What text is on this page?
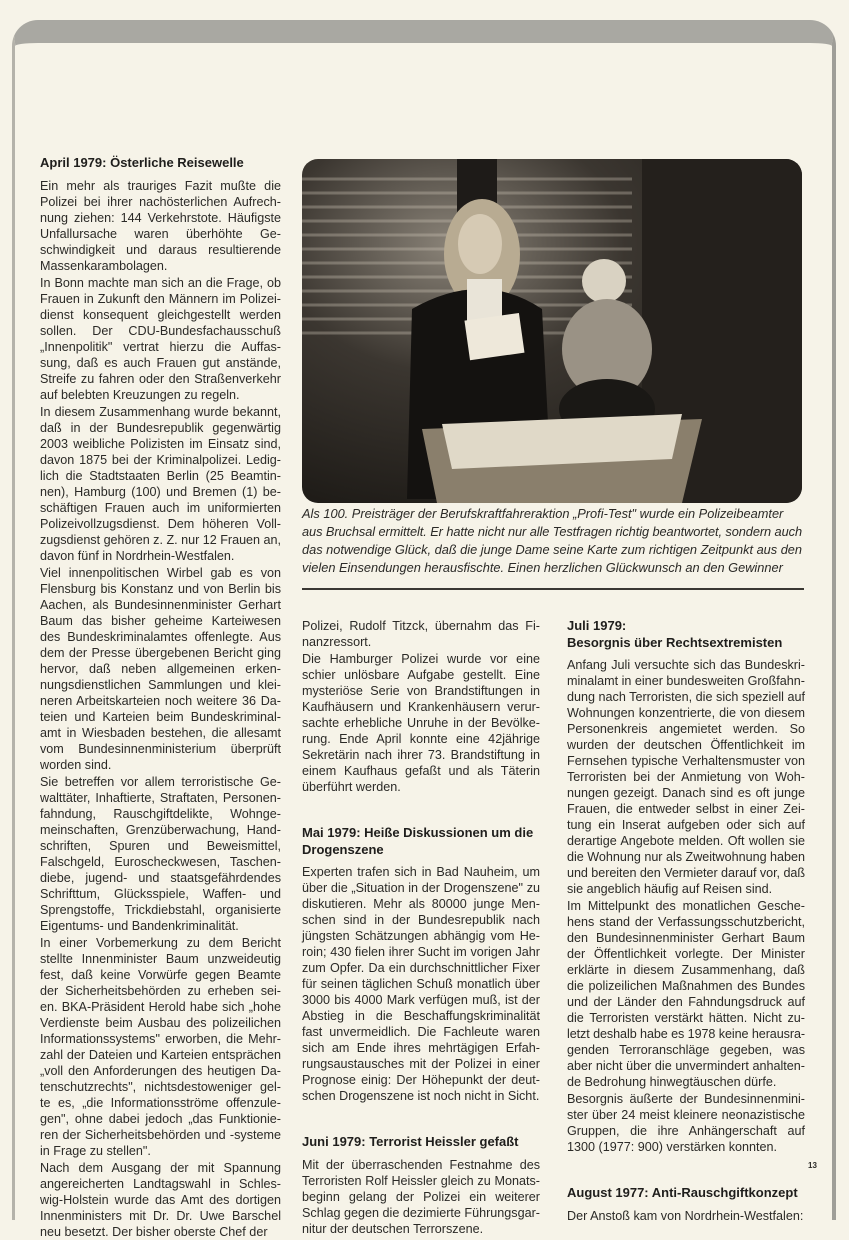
April 1979: Österliche Reisewelle
Ein mehr als trauriges Fazit mußte die
Polizei bei ihrer nachösterlichen Aufrech-
nung ziehen: 144 Verkehrstote. Häufigste
Unfallursache waren überhöhte Ge-
schwindigkeit und daraus resultierende
Massenkarambolagen.
In Bonn machte man sich an die Frage, ob
Frauen in Zukunft den Männern im Polizei-
dienst konsequent gleichgestellt werden
sollen. Der CDU-Bundesfachausschuß
„Innenpolitik" vertrat hierzu die Auffas-
sung, daß es auch Frauen gut anstände,
Streife zu fahren oder den Straßenverkehr
auf belebten Kreuzungen zu regeln.
In diesem Zusammenhang wurde bekannt,
daß in der Bundesrepublik gegenwärtig
2003 weibliche Polizisten im Einsatz sind,
davon 1875 bei der Kriminalpolizei. Ledig-
lich die Stadtstaaten Berlin (25 Beamtin-
nen), Hamburg (100) und Bremen (1) be-
schäftigen Frauen auch im uniformierten
Polizeivollzugsdienst. Dem höheren Voll-
zugsdienst gehören z. Z. nur 12 Frauen an,
davon fünf in Nordrhein-Westfalen.
Viel innenpolitischen Wirbel gab es von
Flensburg bis Konstanz und von Berlin bis
Aachen, als Bundesinnenminister Gerhart
Baum das bisher geheime Karteiwesen
des Bundeskriminalamtes offenlegte. Aus
dem der Presse übergebenen Bericht ging
hervor, daß neben allgemeinen erken-
nungsdienstlichen Sammlungen und klei-
neren Arbeitskarteien noch weitere 36 Da-
teien und Karteien beim Bundeskriminal-
amt in Wiesbaden bestehen, die allesamt
vom Bundesinnenministerium überprüft
worden sind.
Sie betreffen vor allem terroristische Ge-
walttäter, Inhaftierte, Straftaten, Personen-
fahndung, Rauschgiftdelikte, Wohnge-
meinschaften, Grenzüberwachung, Hand-
schriften, Spuren und Beweismittel,
Falschgeld, Euroscheckwesen, Taschen-
diebe, jugend- und staatsgefährdendes
Schrifttum, Glücksspiele, Waffen- und
Sprengstoffe, Trickdiebstahl, organisierte
Eigentums- und Bandenkriminalität.
In einer Vorbemerkung zu dem Bericht
stellte Innenminister Baum unzweideutig
fest, daß keine Vorwürfe gegen Beamte
der Sicherheitsbehörden zu erheben sei-
en. BKA-Präsident Herold habe sich „hohe
Verdienste beim Ausbau des polizeilichen
Informationssystems" erworben, die Mehr-
zahl der Dateien und Karteien entsprächen
„voll den Anforderungen des heutigen Da-
tenschutzrechts", nichtsdestoweniger gel-
te es, „die Informationsströme offenzule-
gen", ohne dabei jedoch „das Funktionie-
ren der Sicherheitsbehörden und -systeme
in Frage zu stellen".
Nach dem Ausgang der mit Spannung
angereicherten Landtagswahl in Schles-
wig-Holstein wurde das Amt des dortigen
Innenministers mit Dr. Dr. Uwe Barschel
neu besetzt. Der bisher oberste Chef der
Als 100. Preisträger der Berufskraftfahreraktion „Profi-Test" wurde ein Polizeibeamter
aus Bruchsal ermittelt. Er hatte nicht nur alle Testfragen richtig beantwortet, sondern auch
das notwendige Glück, daß die junge Dame seine Karte zum richtigen Zeitpunkt aus den
vielen Einsendungen herausfischte. Einen herzlichen Glückwunsch an den Gewinner
Polizei, Rudolf Titzck, übernahm das Fi-
nanzressort.
Die Hamburger Polizei wurde vor eine
schier unlösbare Aufgabe gestellt. Eine
mysteriöse Serie von Brandstiftungen in
Kaufhäusern und Krankenhäusern verur-
sachte erhebliche Unruhe in der Bevölke-
rung. Ende April konnte eine 42jährige
Sekretärin nach ihrer 73. Brandstiftung in
einem Kaufhaus gefaßt und als Täterin
überführt werden.
Mai 1979: Heiße Diskussionen um die
Drogenszene
Experten trafen sich in Bad Nauheim, um
über die „Situation in der Drogenszene" zu
diskutieren. Mehr als 80000 junge Men-
schen sind in der Bundesrepublik nach
jüngsten Schätzungen abhängig vom He-
roin; 430 fielen ihrer Sucht im vorigen Jahr
zum Opfer. Da ein durchschnittlicher Fixer
für seinen täglichen Schuß monatlich über
3000 bis 4000 Mark verfügen muß, ist der
Abstieg in die Beschaffungskriminalität
fast unvermeidlich. Die Fachleute waren
sich am Ende ihres mehrtägigen Erfah-
rungsaustausches mit der Polizei in einer
Prognose einig: Der Höhepunkt der deut-
schen Drogenszene ist noch nicht in Sicht.
Juni 1979: Terrorist Heissler gefaßt
Mit der überraschenden Festnahme des
Terroristen Rolf Heissler gleich zu Monats-
beginn gelang der Polizei ein weiterer
Schlag gegen die dezimierte Führungsgar-
nitur der deutschen Terrorszene.
Juli 1979:
Besorgnis über Rechtsextremisten
Anfang Juli versuchte sich das Bundeskri-
minalamt in einer bundesweiten Großfahn-
dung nach Terroristen, die sich speziell auf
Wohnungen konzentrierte, die von diesem
Personenkreis angemietet werden. So
wurden der deutschen Öffentlichkeit im
Fernsehen typische Verhaltensmuster von
Terroristen bei der Anmietung von Woh-
nungen gezeigt. Danach sind es oft junge
Frauen, die entweder selbst in einer Zei-
tung ein Inserat aufgeben oder sich auf
derartige Angebote melden. Oft wollen sie
die Wohnung nur als Zweitwohnung haben
und bereiten den Vermieter darauf vor, daß
sie angeblich häufig auf Reisen sind.
Im Mittelpunkt des monatlichen Gesche-
hens stand der Verfassungsschutzbericht,
den Bundesinnenminister Gerhart Baum
der Öffentlichkeit vorlegte. Der Minister
erklärte in diesem Zusammenhang, daß
die polizeilichen Maßnahmen des Bundes
und der Länder den Fahndungsdruck auf
die Terroristen verstärkt hätten. Nicht zu-
letzt deshalb habe es 1978 keine herausra-
genden Terroranschläge gegeben, was
aber nicht über die unvermindert anhalten-
de Bedrohung hinwegtäuschen dürfe.
Besorgnis äußerte der Bundesinnenmini-
ster über 24 meist kleinere neonazistische
Gruppen, die ihre Anhängerschaft auf
1300 (1977: 900) verstärken konnten.
August 1977: Anti-Rauschgiftkonzept
Der Anstoß kam von Nordrhein-Westfalen:
13
